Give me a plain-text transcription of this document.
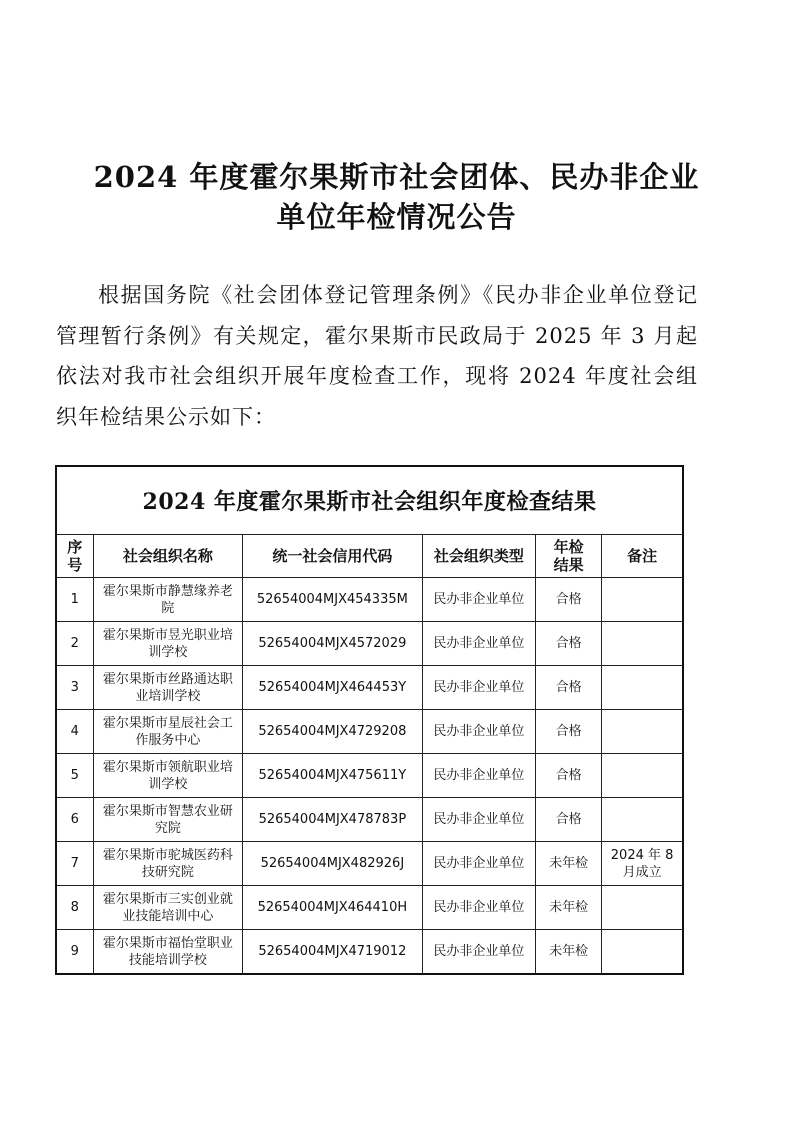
2024 年度霍尔果斯市社会团体、民办非企业
单位年检情况公告

根据国务院《社会团体登记管理条例》《民办非企业单位登记管理暂行条例》有关规定，霍尔果斯市民政局于 2025 年 3 月起依法对我市社会组织开展年度检查工作，现将 2024 年度社会组织年检结果公示如下：

2024 年度霍尔果斯市社会组织年度检查结果					
序号	社会组织名称	统一社会信用代码	社会组织类型	年检结果	备注
1	霍尔果斯市静慧缘养老院	52654004MJX454335M	民办非企业单位	合格	
2	霍尔果斯市昱光职业培训学校	52654004MJX4572029	民办非企业单位	合格	
3	霍尔果斯市丝路通达职业培训学校	52654004MJX464453Y	民办非企业单位	合格	
4	霍尔果斯市星辰社会工作服务中心	52654004MJX4729208	民办非企业单位	合格	
5	霍尔果斯市领航职业培训学校	52654004MJX475611Y	民办非企业单位	合格	
6	霍尔果斯市智慧农业研究院	52654004MJX478783P	民办非企业单位	合格	
7	霍尔果斯市驼城医药科技研究院	52654004MJX482926J	民办非企业单位	未年检	2024 年 8 月成立
8	霍尔果斯市三实创业就业技能培训中心	52654004MJX464410H	民办非企业单位	未年检	
9	霍尔果斯市福怡堂职业技能培训学校	52654004MJX4719012	民办非企业单位	未年检	
